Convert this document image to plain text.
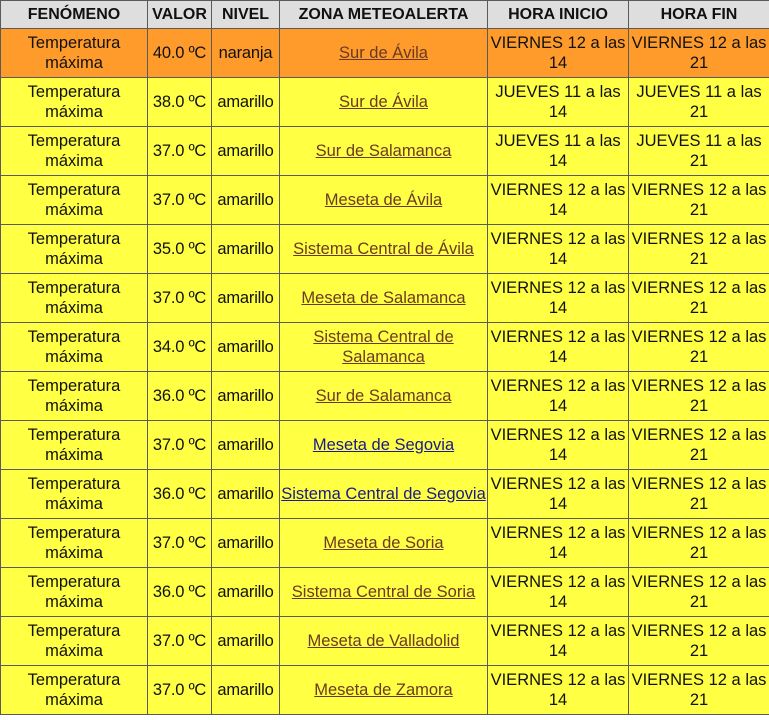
FENÓMENO	VALOR	NIVEL	ZONA METEOALERTA	HORA INICIO	HORA FIN
Temperatura máxima	40.0 ºC	naranja	Sur de Ávila	VIERNES 12 a las 14	VIERNES 12 a las 21
Temperatura máxima	38.0 ºC	amarillo	Sur de Ávila	JUEVES 11 a las 14	JUEVES 11 a las 21
Temperatura máxima	37.0 ºC	amarillo	Sur de Salamanca	JUEVES 11 a las 14	JUEVES 11 a las 21
Temperatura máxima	37.0 ºC	amarillo	Meseta de Ávila	VIERNES 12 a las 14	VIERNES 12 a las 21
Temperatura máxima	35.0 ºC	amarillo	Sistema Central de Ávila	VIERNES 12 a las 14	VIERNES 12 a las 21
Temperatura máxima	37.0 ºC	amarillo	Meseta de Salamanca	VIERNES 12 a las 14	VIERNES 12 a las 21
Temperatura máxima	34.0 ºC	amarillo	Sistema Central de Salamanca	VIERNES 12 a las 14	VIERNES 12 a las 21
Temperatura máxima	36.0 ºC	amarillo	Sur de Salamanca	VIERNES 12 a las 14	VIERNES 12 a las 21
Temperatura máxima	37.0 ºC	amarillo	Meseta de Segovia	VIERNES 12 a las 14	VIERNES 12 a las 21
Temperatura máxima	36.0 ºC	amarillo	Sistema Central de Segovia	VIERNES 12 a las 14	VIERNES 12 a las 21
Temperatura máxima	37.0 ºC	amarillo	Meseta de Soria	VIERNES 12 a las 14	VIERNES 12 a las 21
Temperatura máxima	36.0 ºC	amarillo	Sistema Central de Soria	VIERNES 12 a las 14	VIERNES 12 a las 21
Temperatura máxima	37.0 ºC	amarillo	Meseta de Valladolid	VIERNES 12 a las 14	VIERNES 12 a las 21
Temperatura máxima	37.0 ºC	amarillo	Meseta de Zamora	VIERNES 12 a las 14	VIERNES 12 a las 21
